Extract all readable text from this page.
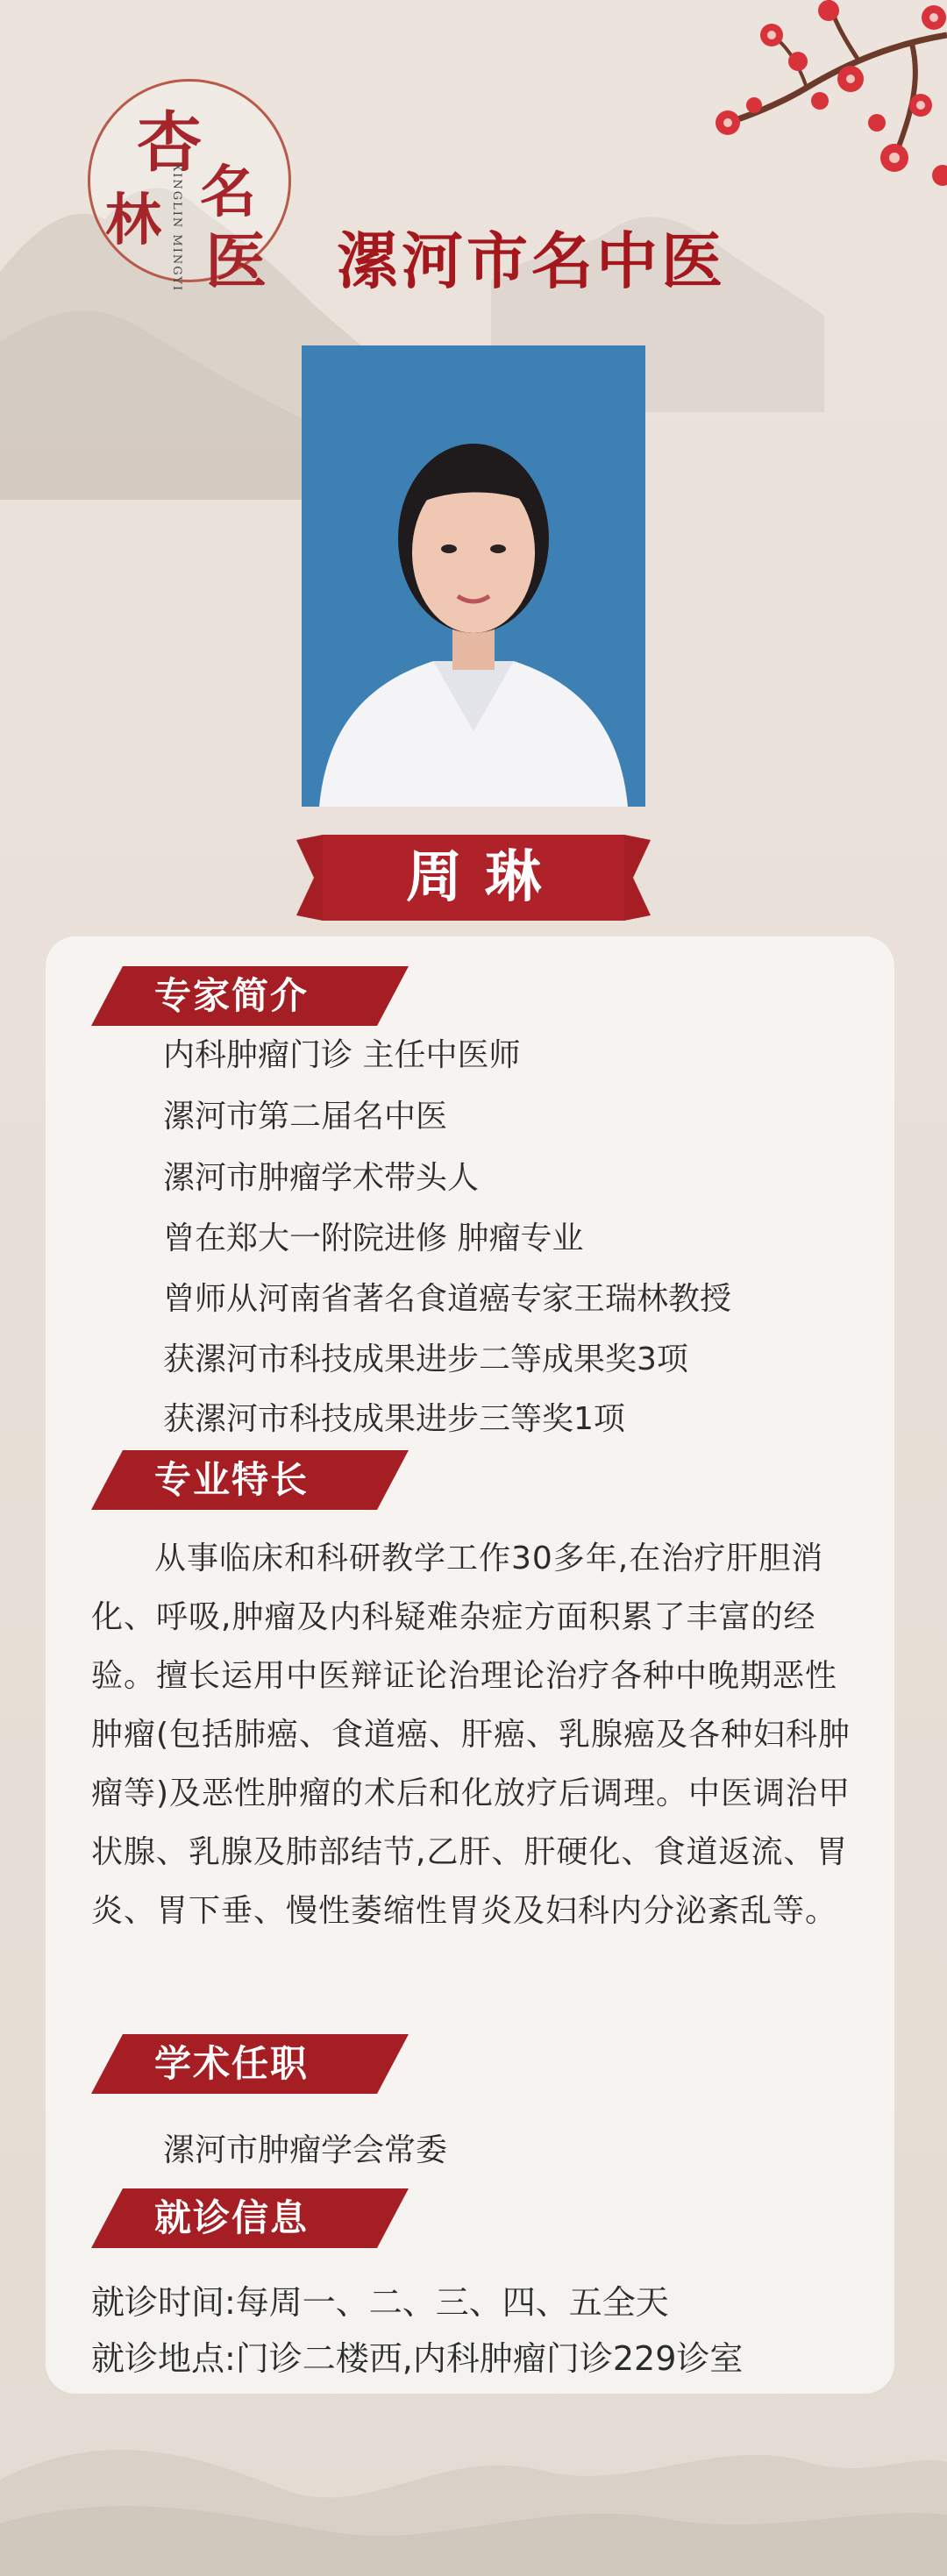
杏
林 名
医
XINGLIN MINGYI	漯河市名中医
周琳
专家简介
内科肿瘤门诊 主任中医师
漯河市第二届名中医
漯河市肿瘤学术带头人
曾在郑大一附院进修 肿瘤专业
曾师从河南省著名食道癌专家王瑞林教授
获漯河市科技成果进步二等成果奖3项
获漯河市科技成果进步三等奖1项
专业特长
从事临床和科研教学工作30多年,在治疗肝胆消化、呼吸,肿瘤及内科疑难杂症方面积累了丰富的经验。擅长运用中医辩证论治理论治疗各种中晚期恶性肿瘤(包括肺癌、食道癌、肝癌、乳腺癌及各种妇科肿瘤等)及恶性肿瘤的术后和化放疗后调理。中医调治甲状腺、乳腺及肺部结节,乙肝、肝硬化、食道返流、胃炎、胃下垂、慢性萎缩性胃炎及妇科内分泌紊乱等。
学术任职
漯河市肿瘤学会常委
就诊信息
就诊时间:每周一、二、三、四、五全天
就诊地点:门诊二楼西,内科肿瘤门诊229诊室
